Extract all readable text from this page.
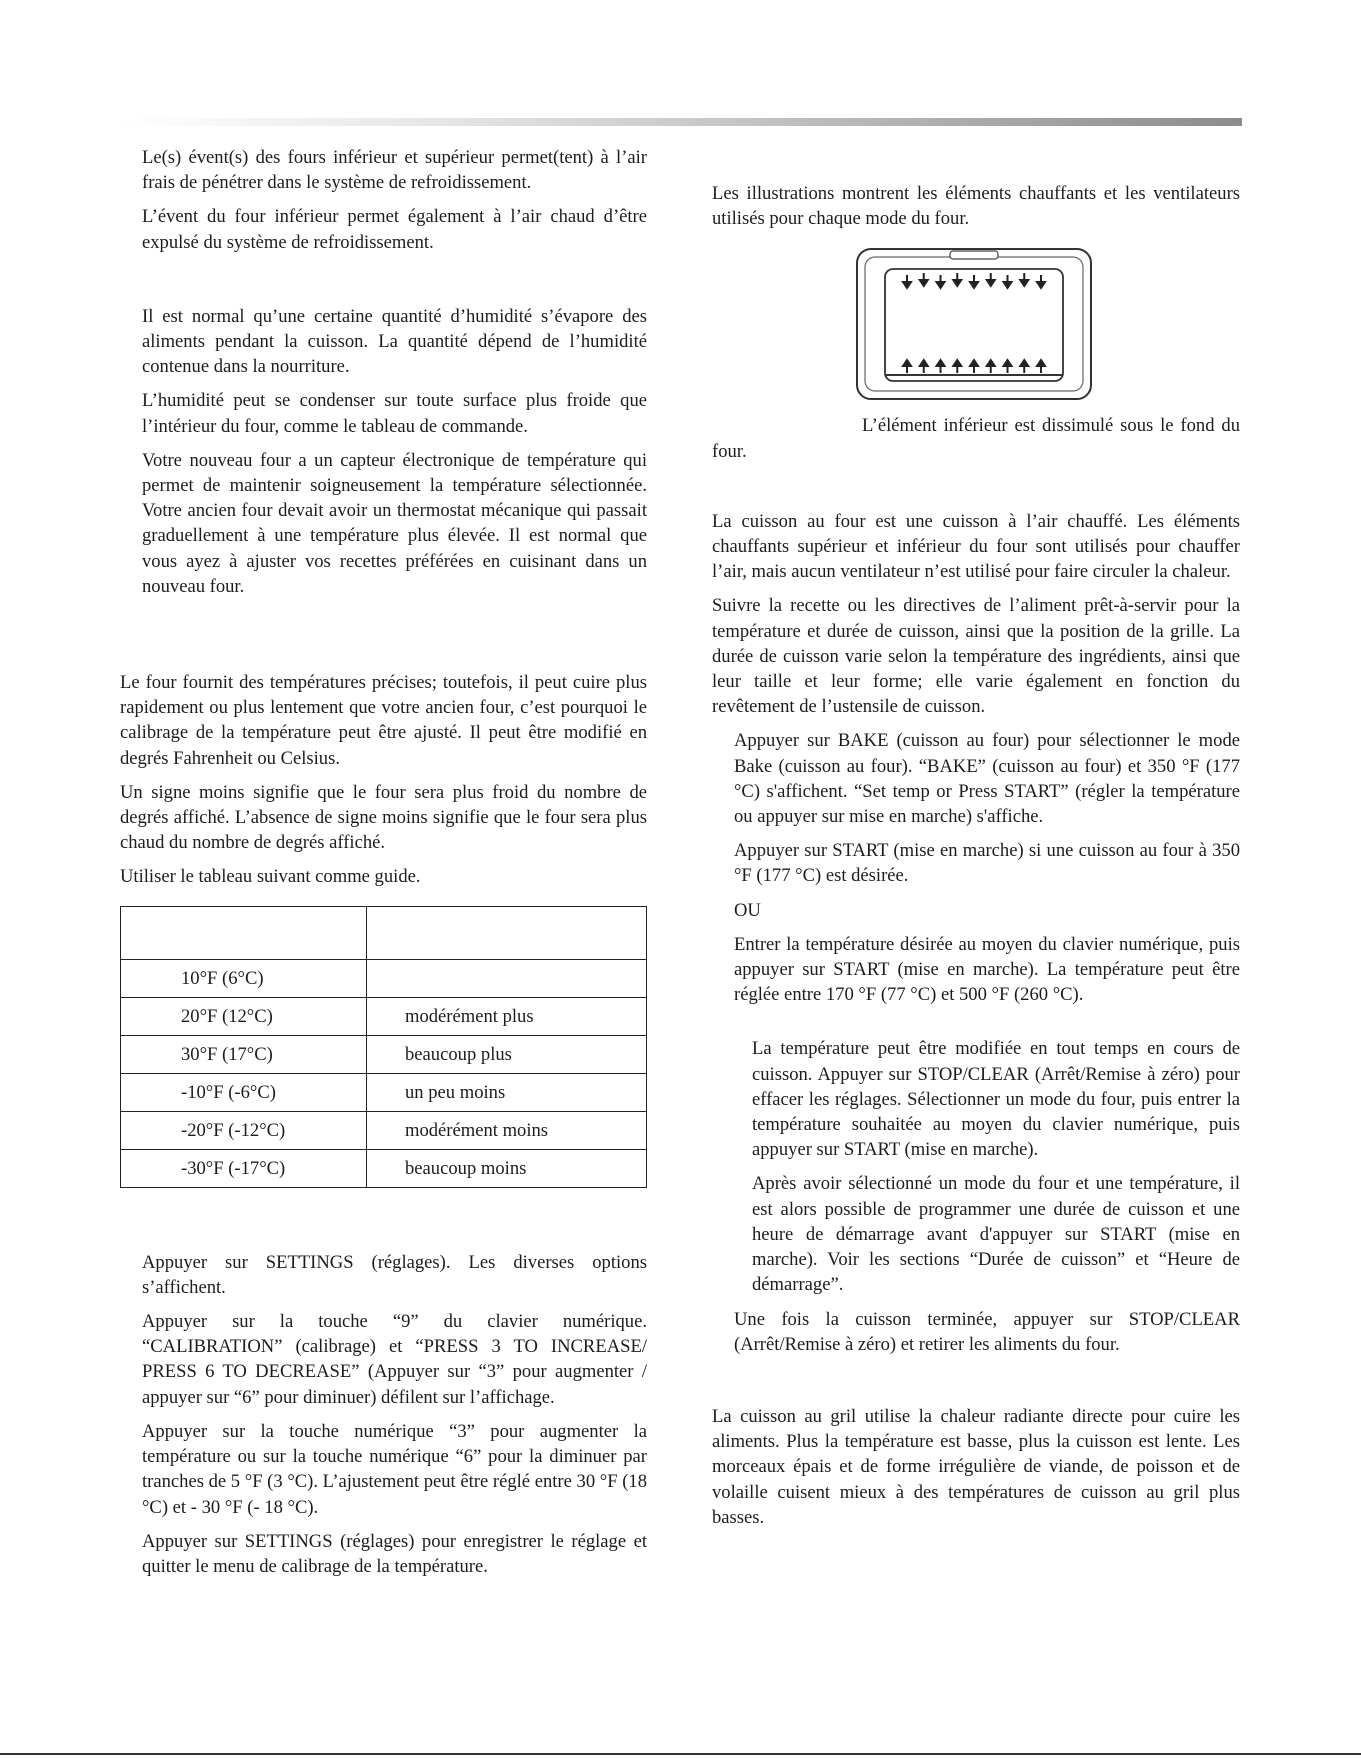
Le(s) évent(s) des fours inférieur et supérieur permet(tent) à l’air frais de pénétrer dans le système de refroidissement.

L’évent du four inférieur permet également à l’air chaud d’être expulsé du système de refroidissement.

Il est normal qu’une certaine quantité d’humidité s’évapore des aliments pendant la cuisson. La quantité dépend de l’humidité contenue dans la nourriture.

L’humidité peut se condenser sur toute surface plus froide que l’intérieur du four, comme le tableau de commande.

Votre nouveau four a un capteur électronique de température qui permet de maintenir soigneusement la température sélectionnée. Votre ancien four devait avoir un thermostat mécanique qui passait graduellement à une température plus élevée. Il est normal que vous ayez à ajuster vos recettes préférées en cuisinant dans un nouveau four.

Le four fournit des températures précises; toutefois, il peut cuire plus rapidement ou plus lentement que votre ancien four, c’est pourquoi le calibrage de la température peut être ajusté. Il peut être modifié en degrés Fahrenheit ou Celsius.

Un signe moins signifie que le four sera plus froid du nombre de degrés affiché. L’absence de signe moins signifie que le four sera plus chaud du nombre de degrés affiché.

Utiliser le tableau suivant comme guide.

10°F (6°C)	
20°F (12°C)	modérément plus
30°F (17°C)	beaucoup plus
-10°F (-6°C)	un peu moins
-20°F (-12°C)	modérément moins
-30°F (-17°C)	beaucoup moins

Appuyer sur SETTINGS (réglages). Les diverses options s’affichent.

Appuyer sur la touche “9” du clavier numérique. “CALIBRATION” (calibrage) et “PRESS 3 TO INCREASE/ PRESS 6 TO DECREASE” (Appuyer sur “3” pour augmenter / appuyer sur “6” pour diminuer) défilent sur l’affichage.

Appuyer sur la touche numérique “3” pour augmenter la température ou sur la touche numérique “6” pour la diminuer par tranches de 5 °F (3 °C). L’ajustement peut être réglé entre 30 °F (18 °C) et - 30 °F (- 18 °C).

Appuyer sur SETTINGS (réglages) pour enregistrer le réglage et quitter le menu de calibrage de la température.

Les illustrations montrent les éléments chauffants et les ventilateurs utilisés pour chaque mode du four.

L’élément inférieur est dissimulé sous le fond du four.

La cuisson au four est une cuisson à l’air chauffé. Les éléments chauffants supérieur et inférieur du four sont utilisés pour chauffer l’air, mais aucun ventilateur n’est utilisé pour faire circuler la chaleur.

Suivre la recette ou les directives de l’aliment prêt-à-servir pour la température et durée de cuisson, ainsi que la position de la grille. La durée de cuisson varie selon la température des ingrédients, ainsi que leur taille et leur forme; elle varie également en fonction du revêtement de l’ustensile de cuisson.

Appuyer sur BAKE (cuisson au four) pour sélectionner le mode Bake (cuisson au four). “BAKE” (cuisson au four) et 350 °F (177 °C) s'affichent. “Set temp or Press START” (régler la température ou appuyer sur mise en marche) s'affiche.

Appuyer sur START (mise en marche) si une cuisson au four à 350 °F (177 °C) est désirée.

OU

Entrer la température désirée au moyen du clavier numérique, puis appuyer sur START (mise en marche). La température peut être réglée entre 170 °F (77 °C) et 500 °F (260 °C).

La température peut être modifiée en tout temps en cours de cuisson. Appuyer sur STOP/CLEAR (Arrêt/Remise à zéro) pour effacer les réglages. Sélectionner un mode du four, puis entrer la température souhaitée au moyen du clavier numérique, puis appuyer sur START (mise en marche).

Après avoir sélectionné un mode du four et une température, il est alors possible de programmer une durée de cuisson et une heure de démarrage avant d'appuyer sur START (mise en marche). Voir les sections “Durée de cuisson” et “Heure de démarrage”.

Une fois la cuisson terminée, appuyer sur STOP/CLEAR (Arrêt/Remise à zéro) et retirer les aliments du four.

La cuisson au gril utilise la chaleur radiante directe pour cuire les aliments. Plus la température est basse, plus la cuisson est lente. Les morceaux épais et de forme irrégulière de viande, de poisson et de volaille cuisent mieux à des températures de cuisson au gril plus basses.
